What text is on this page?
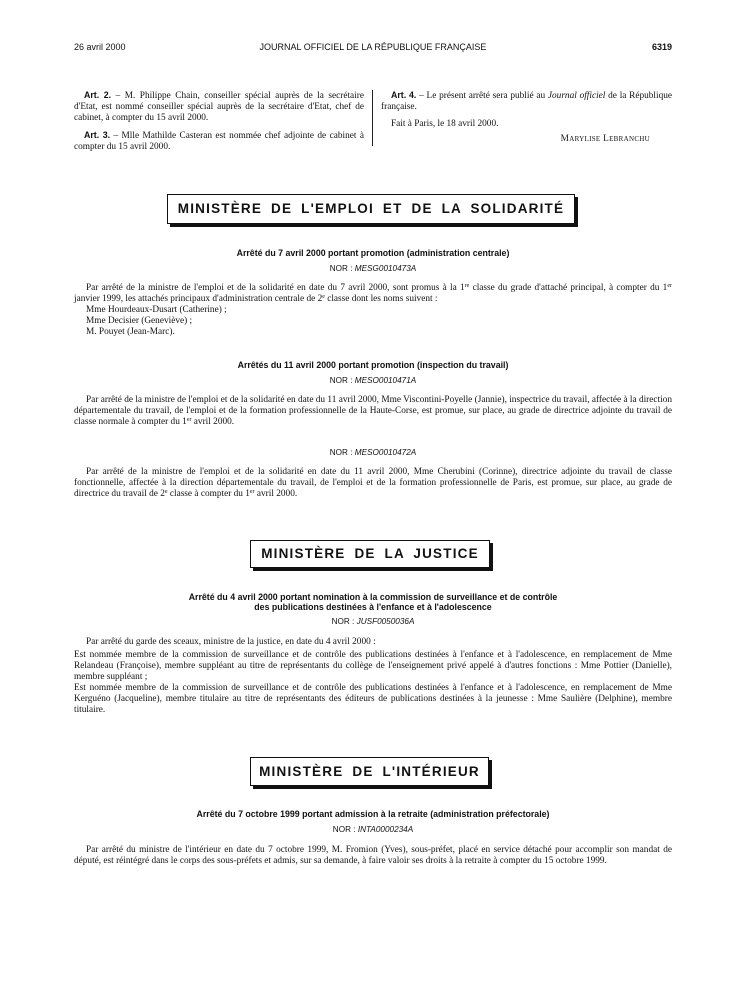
26 avril 2000	JOURNAL OFFICIEL DE LA RÉPUBLIQUE FRANÇAISE	6319

Art. 2. – M. Philippe Chain, conseiller spécial auprès de la secrétaire d'Etat, est nommé conseiller spécial auprès de la secrétaire d'Etat, chef de cabinet, à compter du 15 avril 2000.

Art. 3. – Mlle Mathilde Casteran est nommée chef adjointe de cabinet à compter du 15 avril 2000.

Art. 4. – Le présent arrêté sera publié au Journal officiel de la République française.

Fait à Paris, le 18 avril 2000.
Marylise Lebranchu
MINISTÈRE DE L'EMPLOI ET DE LA SOLIDARITÉ
Arrêté du 7 avril 2000 portant promotion (administration centrale)
NOR : MESG0010473A

Par arrêté de la ministre de l'emploi et de la solidarité en date du 7 avril 2000, sont promus à la 1re classe du grade d'attaché principal, à compter du 1er janvier 1999, les attachés principaux d'administration centrale de 2e classe dont les noms suivent :

Mme Hourdeaux-Dusart (Catherine) ;

Mme Decisier (Geneviève) ;

M. Pouyet (Jean-Marc).

Arrêtés du 11 avril 2000 portant promotion (inspection du travail)
NOR : MESO0010471A

Par arrêté de la ministre de l'emploi et de la solidarité en date du 11 avril 2000, Mme Viscontini-Poyelle (Jannie), inspectrice du travail, affectée à la direction départementale du travail, de l'emploi et de la formation professionnelle de la Haute-Corse, est promue, sur place, au grade de directrice adjointe du travail de classe normale à compter du 1er avril 2000.

NOR : MESO0010472A

Par arrêté de la ministre de l'emploi et de la solidarité en date du 11 avril 2000, Mme Cherubini (Corinne), directrice adjointe du travail de classe fonctionnelle, affectée à la direction départementale du travail, de l'emploi et de la formation professionnelle de Paris, est promue, sur place, au grade de directrice du travail de 2e classe à compter du 1er avril 2000.

MINISTÈRE DE LA JUSTICE
Arrêté du 4 avril 2000 portant nomination à la commission de surveillance et de contrôle
des publications destinées à l'enfance et à l'adolescence
NOR : JUSF0050036A

Par arrêté du garde des sceaux, ministre de la justice, en date du 4 avril 2000 :

Est nommée membre de la commission de surveillance et de contrôle des publications destinées à l'enfance et à l'adolescence, en remplacement de Mme Relandeau (Françoise), membre suppléant au titre de représentants du collège de l'enseignement privé appelé à d'autres fonctions : Mme Pottier (Danielle), membre suppléant ;

Est nommée membre de la commission de surveillance et de contrôle des publications destinées à l'enfance et à l'adolescence, en remplacement de Mme Kerguéno (Jacqueline), membre titulaire au titre de représentants des éditeurs de publications destinées à la jeunesse : Mme Saulière (Delphine), membre titulaire.

MINISTÈRE DE L'INTÉRIEUR
Arrêté du 7 octobre 1999 portant admission à la retraite (administration préfectorale)
NOR : INTA0000234A

Par arrêté du ministre de l'intérieur en date du 7 octobre 1999, M. Fromion (Yves), sous-préfet, placé en service détaché pour accomplir son mandat de député, est réintégré dans le corps des sous-préfets et admis, sur sa demande, à faire valoir ses droits à la retraite à compter du 15 octobre 1999.
